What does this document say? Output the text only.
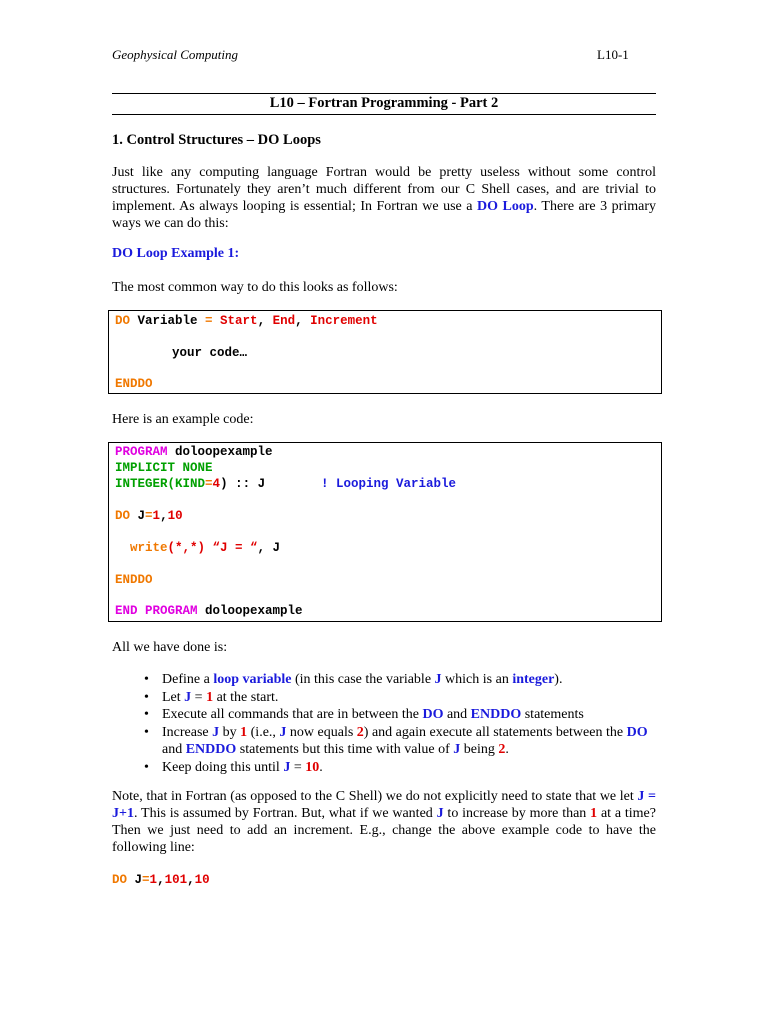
Geophysical Computing	L10-1
L10 – Fortran Programming - Part 2
1. Control Structures – DO Loops
Just like any computing language Fortran would be pretty useless without some control structures. Fortunately they aren’t much different from our C Shell cases, and are trivial to implement. As always looping is essential; In Fortran we use a DO Loop. There are 3 primary ways we can do this:
DO Loop Example 1:
The most common way to do this looks as follows:
DO Variable = Start, End, Increment
your code…
ENDDO
Here is an example code:
PROGRAM doloopexample
IMPLICIT NONE
INTEGER(KIND=4) :: J	! Looping Variable
DO J=1,10
write(*,*) “J = “, J
ENDDO
END PROGRAM doloopexample
All we have done is:
• Define a loop variable (in this case the variable J which is an integer).
• Let J = 1 at the start.
• Execute all commands that are in between the DO and ENDDO statements
• Increase J by 1 (i.e., J now equals 2) and again execute all statements between the DO
and ENDDO statements but this time with value of J being 2.
• Keep doing this until J = 10.
Note, that in Fortran (as opposed to the C Shell) we do not explicitly need to state that we let J = J+1. This is assumed by Fortran. But, what if we wanted J to increase by more than 1 at a time? Then we just need to add an increment. E.g., change the above example code to have the following line:
DO J=1,101,10
